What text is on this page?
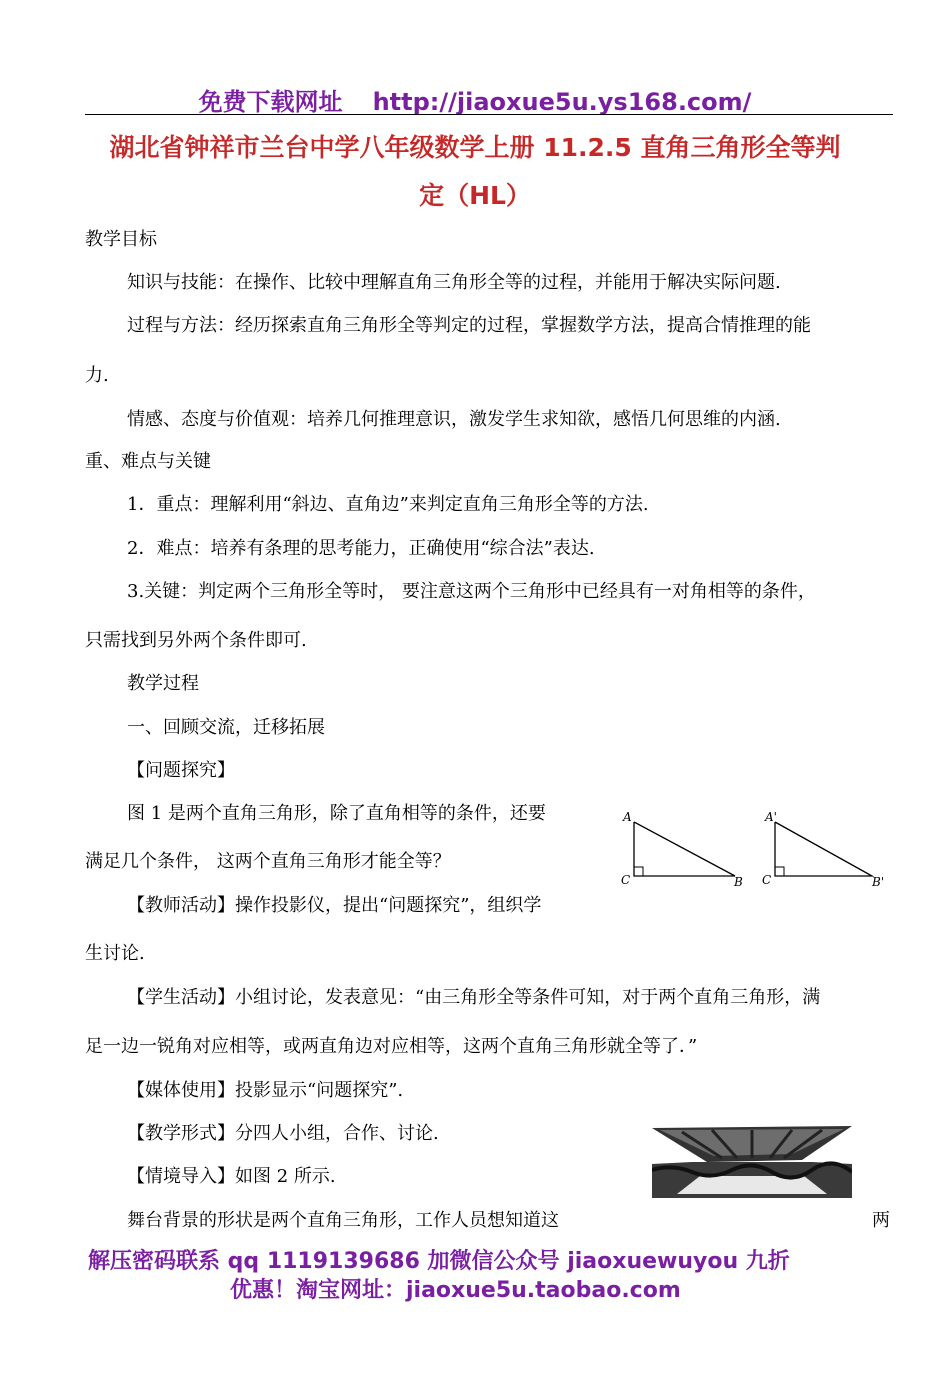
免费下载网址 http://jiaoxue5u.ys168.com/
湖北省钟祥市兰台中学八年级数学上册 11.2.5 直角三角形全等判
定（HL）
教学目标
知识与技能：在操作、比较中理解直角三角形全等的过程，并能用于解决实际问题.
过程与方法：经历探索直角三角形全等判定的过程，掌握数学方法，提高合情推理的能
力.
情感、态度与价值观：培养几何推理意识，激发学生求知欲，感悟几何思维的内涵.
重、难点与关键
1．重点：理解利用“斜边、直角边”来判定直角三角形全等的方法.
2．难点：培养有条理的思考能力，正确使用“综合法”表达.
3.关键：判定两个三角形全等时， 要注意这两个三角形中已经具有一对角相等的条件，
只需找到另外两个条件即可.
教学过程
一、回顾交流，迁移拓展
【问题探究】
图 1 是两个直角三角形，除了直角相等的条件，还要
满足几个条件， 这两个直角三角形才能全等？
【教师活动】操作投影仪，提出“问题探究”，组织学
生讨论.
【学生活动】小组讨论，发表意见：“由三角形全等条件可知，对于两个直角三角形，满
足一边一锐角对应相等，或两直角边对应相等，这两个直角三角形就全等了．”
【媒体使用】投影显示“问题探究”.
【教学形式】分四人小组，合作、讨论.
【情境导入】如图 2 所示.
舞台背景的形状是两个直角三角形，工作人员想知道这	两
A
C	B
A'
C	B'
解压密码联系 qq 1119139686 加微信公众号 jiaoxuewuyou 九折
优惠！淘宝网址：jiaoxue5u.taobao.com
